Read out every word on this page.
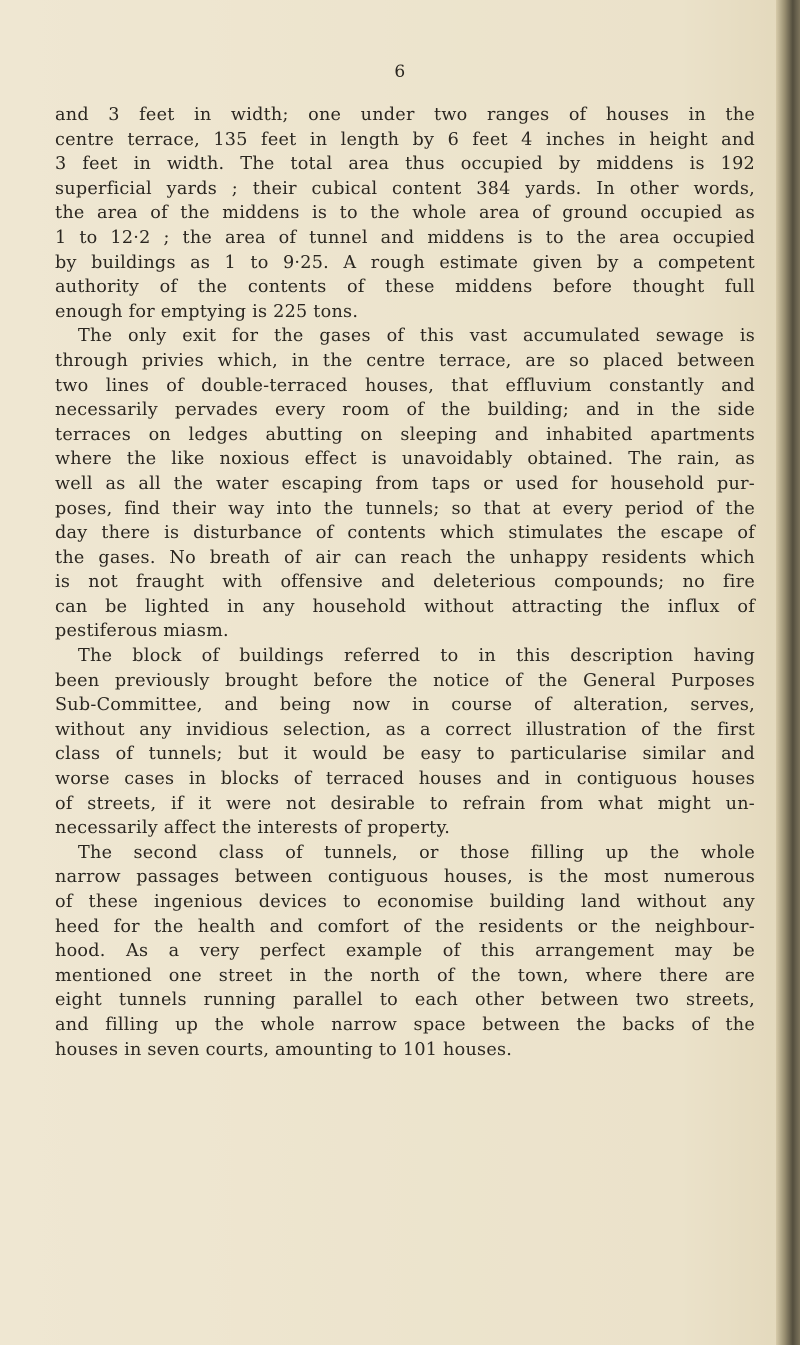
6
and 3 feet in width; one under two ranges of houses in the
centre terrace, 135 feet in length by 6 feet 4 inches in height and
3 feet in width. The total area thus occupied by middens is 192
superficial yards ; their cubical content 384 yards. In other words,
the area of the middens is to the whole area of ground occupied as
1 to 12·2 ; the area of tunnel and middens is to the area occupied
by buildings as 1 to 9·25. A rough estimate given by a competent
authority of the contents of these middens before thought full
enough for emptying is 225 tons.
The only exit for the gases of this vast accumulated sewage is
through privies which, in the centre terrace, are so placed between
two lines of double-terraced houses, that effluvium constantly and
necessarily pervades every room of the building; and in the side
terraces on ledges abutting on sleeping and inhabited apartments
where the like noxious effect is unavoidably obtained. The rain, as
well as all the water escaping from taps or used for household pur-
poses, find their way into the tunnels; so that at every period of the
day there is disturbance of contents which stimulates the escape of
the gases. No breath of air can reach the unhappy residents which
is not fraught with offensive and deleterious compounds; no fire
can be lighted in any household without attracting the influx of
pestiferous miasm.
The block of buildings referred to in this description having
been previously brought before the notice of the General Purposes
Sub-Committee, and being now in course of alteration, serves,
without any invidious selection, as a correct illustration of the first
class of tunnels; but it would be easy to particularise similar and
worse cases in blocks of terraced houses and in contiguous houses
of streets, if it were not desirable to refrain from what might un-
necessarily affect the interests of property.
The second class of tunnels, or those filling up the whole
narrow passages between contiguous houses, is the most numerous
of these ingenious devices to economise building land without any
heed for the health and comfort of the residents or the neighbour-
hood. As a very perfect example of this arrangement may be
mentioned one street in the north of the town, where there are
eight tunnels running parallel to each other between two streets,
and filling up the whole narrow space between the backs of the
houses in seven courts, amounting to 101 houses.
